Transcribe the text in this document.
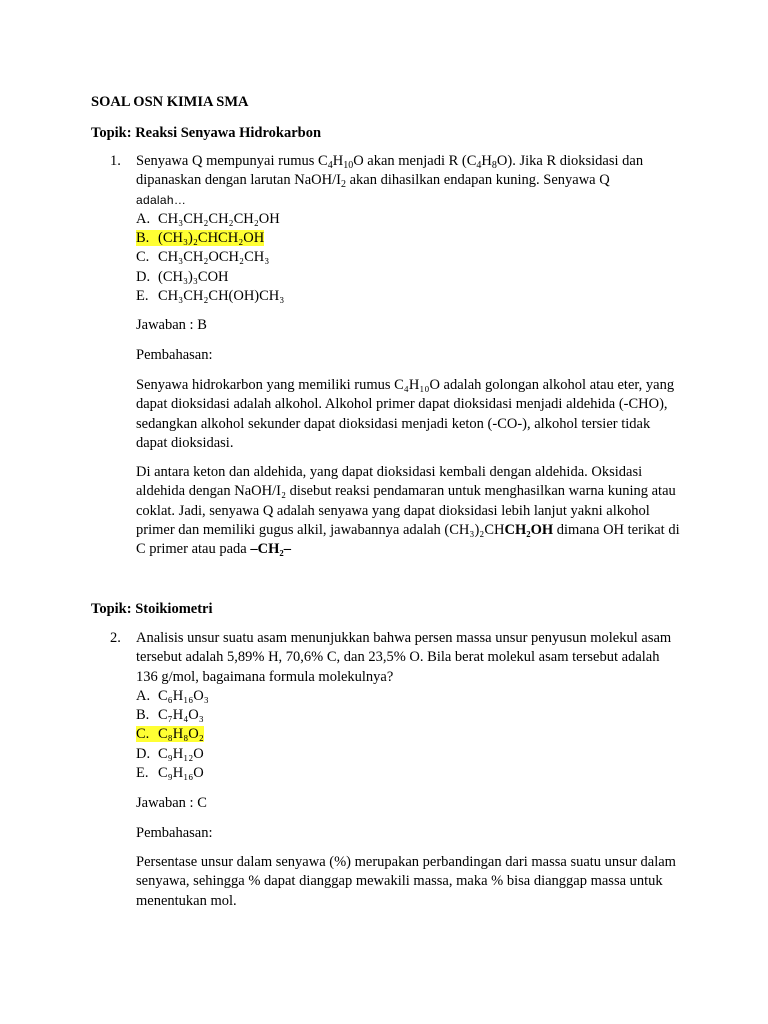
SOAL OSN KIMIA SMA
Topik: Reaksi Senyawa Hidrokarbon
1.	Senyawa Q mempunyai rumus $C_4H_{10}O$ akan menjadi R $(C_4H_8O)$. Jika R dioksidasi dan dipanaskan dengan larutan NaOH/$I_2$ akan dihasilkan endapan kuning. Senyawa Q
adalah…
A. CH₃CH₂CH₂CH₂OH
B. (CH₃)₂CHCH₂OH
C. CH₃CH₂OCH₂CH₃
D. (CH₃)₃COH
E. CH₃CH₂CH(OH)CH₃
Jawaban : B
Pembahasan:

Senyawa hidrokarbon yang memiliki rumus C₄H₁₀O adalah golongan alkohol atau eter, yang dapat dioksidasi adalah alkohol. Alkohol primer dapat dioksidasi menjadi aldehida (-CHO), sedangkan alkohol sekunder dapat dioksidasi menjadi keton (-CO-), alkohol tersier tidak dapat dioksidasi.

Di antara keton dan aldehida, yang dapat dioksidasi kembali dengan aldehida. Oksidasi aldehida dengan NaOH/I₂ disebut reaksi pendamaran untuk menghasilkan warna kuning atau coklat. Jadi, senyawa Q adalah senyawa yang dapat dioksidasi lebih lanjut yakni alkohol primer dan memiliki gugus alkil, jawabannya adalah (CH₃)₂CHCH₂OH dimana OH terikat di C primer atau pada –CH₂–

Topik: Stoikiometri
2.	Analisis unsur suatu asam menunjukkan bahwa persen massa unsur penyusun molekul asam tersebut adalah 5,89% H, 70,6% C, dan 23,5% O. Bila berat molekul asam tersebut adalah 136 g/mol, bagaimana formula molekulnya?
A. C₆H₁₆O₃
B. C₇H₄O₃
C. C₈H₈O₂
D. C₉H₁₂O
E. C₉H₁₆O
Jawaban : C
Pembahasan:

Persentase unsur dalam senyawa (%) merupakan perbandingan dari massa suatu unsur dalam senyawa, sehingga % dapat dianggap mewakili massa, maka % bisa dianggap massa untuk menentukan mol.
